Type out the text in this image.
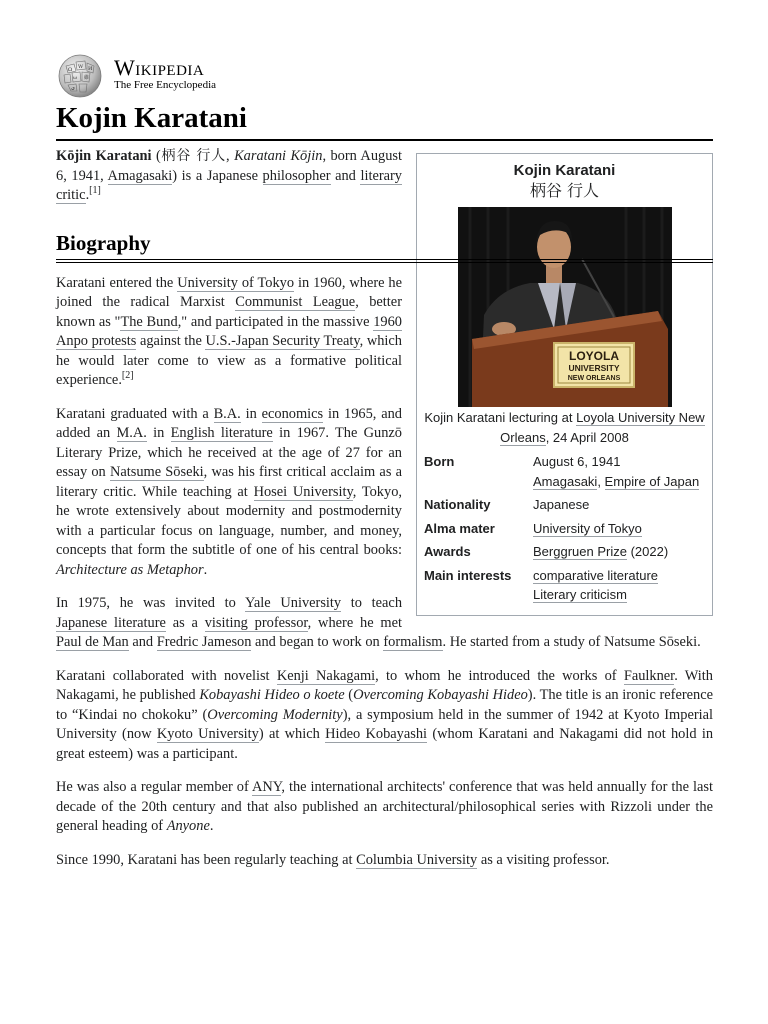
Ω W И
ω 維
ي
Wikipedia
The Free Encyclopedia
Kojin Karatani
Kojin Karatani
柄谷 行人
LOYOLA
UNIVERSITY
NEW ORLEANS
Kojin Karatani lecturing at Loyola University New Orleans, 24 April 2008
Born	August 6, 1941
Amagasaki, Empire of Japan
Nationality	Japanese
Alma mater	University of Tokyo
Awards	Berggruen Prize (2022)
Main interests	comparative literature
Literary criticism

Kōjin Karatani (柄谷 行人, Karatani Kōjin, born August 6, 1941, Amagasaki) is a Japanese philosopher and literary critic.[1]

Biography

Karatani entered the University of Tokyo in 1960, where he joined the radical Marxist Communist League, better known as "The Bund," and participated in the massive 1960 Anpo protests against the U.S.-Japan Security Treaty, which he would later come to view as a formative political experience.[2]

Karatani graduated with a B.A. in economics in 1965, and added an M.A. in English literature in 1967. The Gunzō Literary Prize, which he received at the age of 27 for an essay on Natsume Sōseki, was his first critical acclaim as a literary critic. While teaching at Hosei University, Tokyo, he wrote extensively about modernity and postmodernity with a particular focus on language, number, and money, concepts that form the subtitle of one of his central books: Architecture as Metaphor.

In 1975, he was invited to Yale University to teach Japanese literature as a visiting professor, where he met Paul de Man and Fredric Jameson and began to work on formalism. He started from a study of Natsume Sōseki.

Karatani collaborated with novelist Kenji Nakagami, to whom he introduced the works of Faulkner. With Nakagami, he published Kobayashi Hideo o koete (Overcoming Kobayashi Hideo). The title is an ironic reference to “Kindai no chokoku” (Overcoming Modernity), a symposium held in the summer of 1942 at Kyoto Imperial University (now Kyoto University) at which Hideo Kobayashi (whom Karatani and Nakagami did not hold in great esteem) was a participant.

He was also a regular member of ANY, the international architects' conference that was held annually for the last decade of the 20th century and that also published an architectural/philosophical series with Rizzoli under the general heading of Anyone.

Since 1990, Karatani has been regularly teaching at Columbia University as a visiting professor.
